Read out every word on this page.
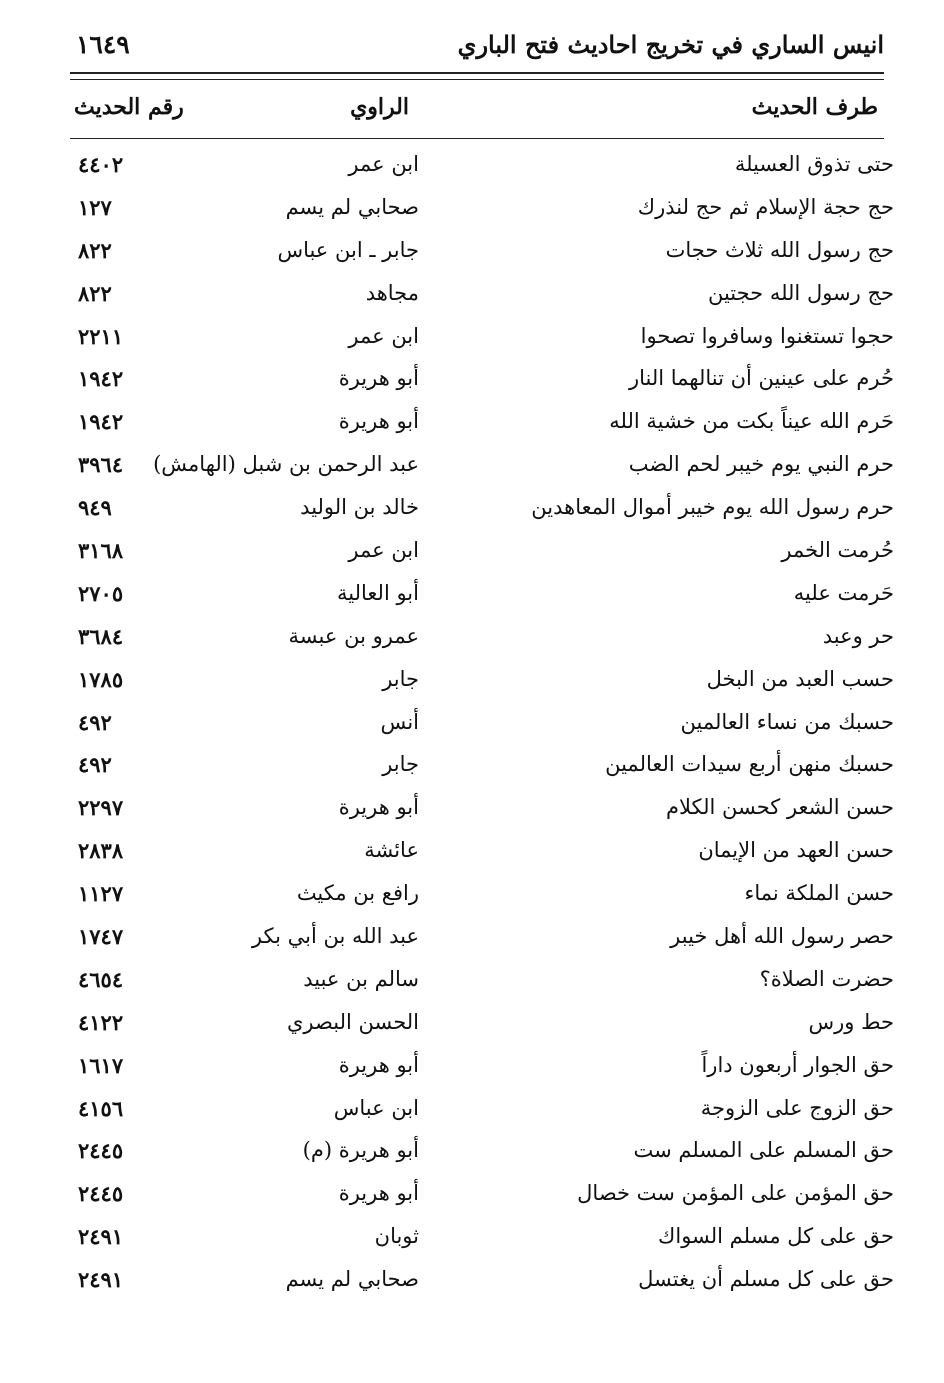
انيس الساري في تخريج احاديث فتح الباري
١٦٤٩
طرف الحديث
الراوي
رقم الحديث
حتى تذوق العسيلة
ابن عمر
٤٤٠٢
حج حجة الإسلام ثم حج لنذرك
صحابي لم يسم
١٢٧
حج رسول الله ثلاث حجات
جابر ـ ابن عباس
٨٢٢
حج رسول الله حجتين
مجاهد
٨٢٢
حجوا تستغنوا وسافروا تصحوا
ابن عمر
٢٢١١
حُرم على عينين أن تنالهما النار
أبو هريرة
١٩٤٢
حَرم الله عيناً بكت من خشية الله
أبو هريرة
١٩٤٢
حرم النبي يوم خيبر لحم الضب
عبد الرحمن بن شبل (الهامش)
٣٩٦٤
حرم رسول الله يوم خيبر أموال المعاهدين
خالد بن الوليد
٩٤٩
حُرمت الخمر
ابن عمر
٣١٦٨
حَرمت عليه
أبو العالية
٢٧٠٥
حر وعبد
عمرو بن عبسة
٣٦٨٤
حسب العبد من البخل
جابر
١٧٨٥
حسبك من نساء العالمين
أنس
٤٩٢
حسبك منهن أربع سيدات العالمين
جابر
٤٩٢
حسن الشعر كحسن الكلام
أبو هريرة
٢٢٩٧
حسن العهد من الإيمان
عائشة
٢٨٣٨
حسن الملكة نماء
رافع بن مكيث
١١٢٧
حصر رسول الله أهل خيبر
عبد الله بن أبي بكر
١٧٤٧
حضرت الصلاة؟
سالم بن عبيد
٤٦٥٤
حط ورس
الحسن البصري
٤١٢٢
حق الجوار أربعون داراً
أبو هريرة
١٦١٧
حق الزوج على الزوجة
ابن عباس
٤١٥٦
حق المسلم على المسلم ست
أبو هريرة (م)
٢٤٤٥
حق المؤمن على المؤمن ست خصال
أبو هريرة
٢٤٤٥
حق على كل مسلم السواك
ثوبان
٢٤٩١
حق على كل مسلم أن يغتسل
صحابي لم يسم
٢٤٩١
